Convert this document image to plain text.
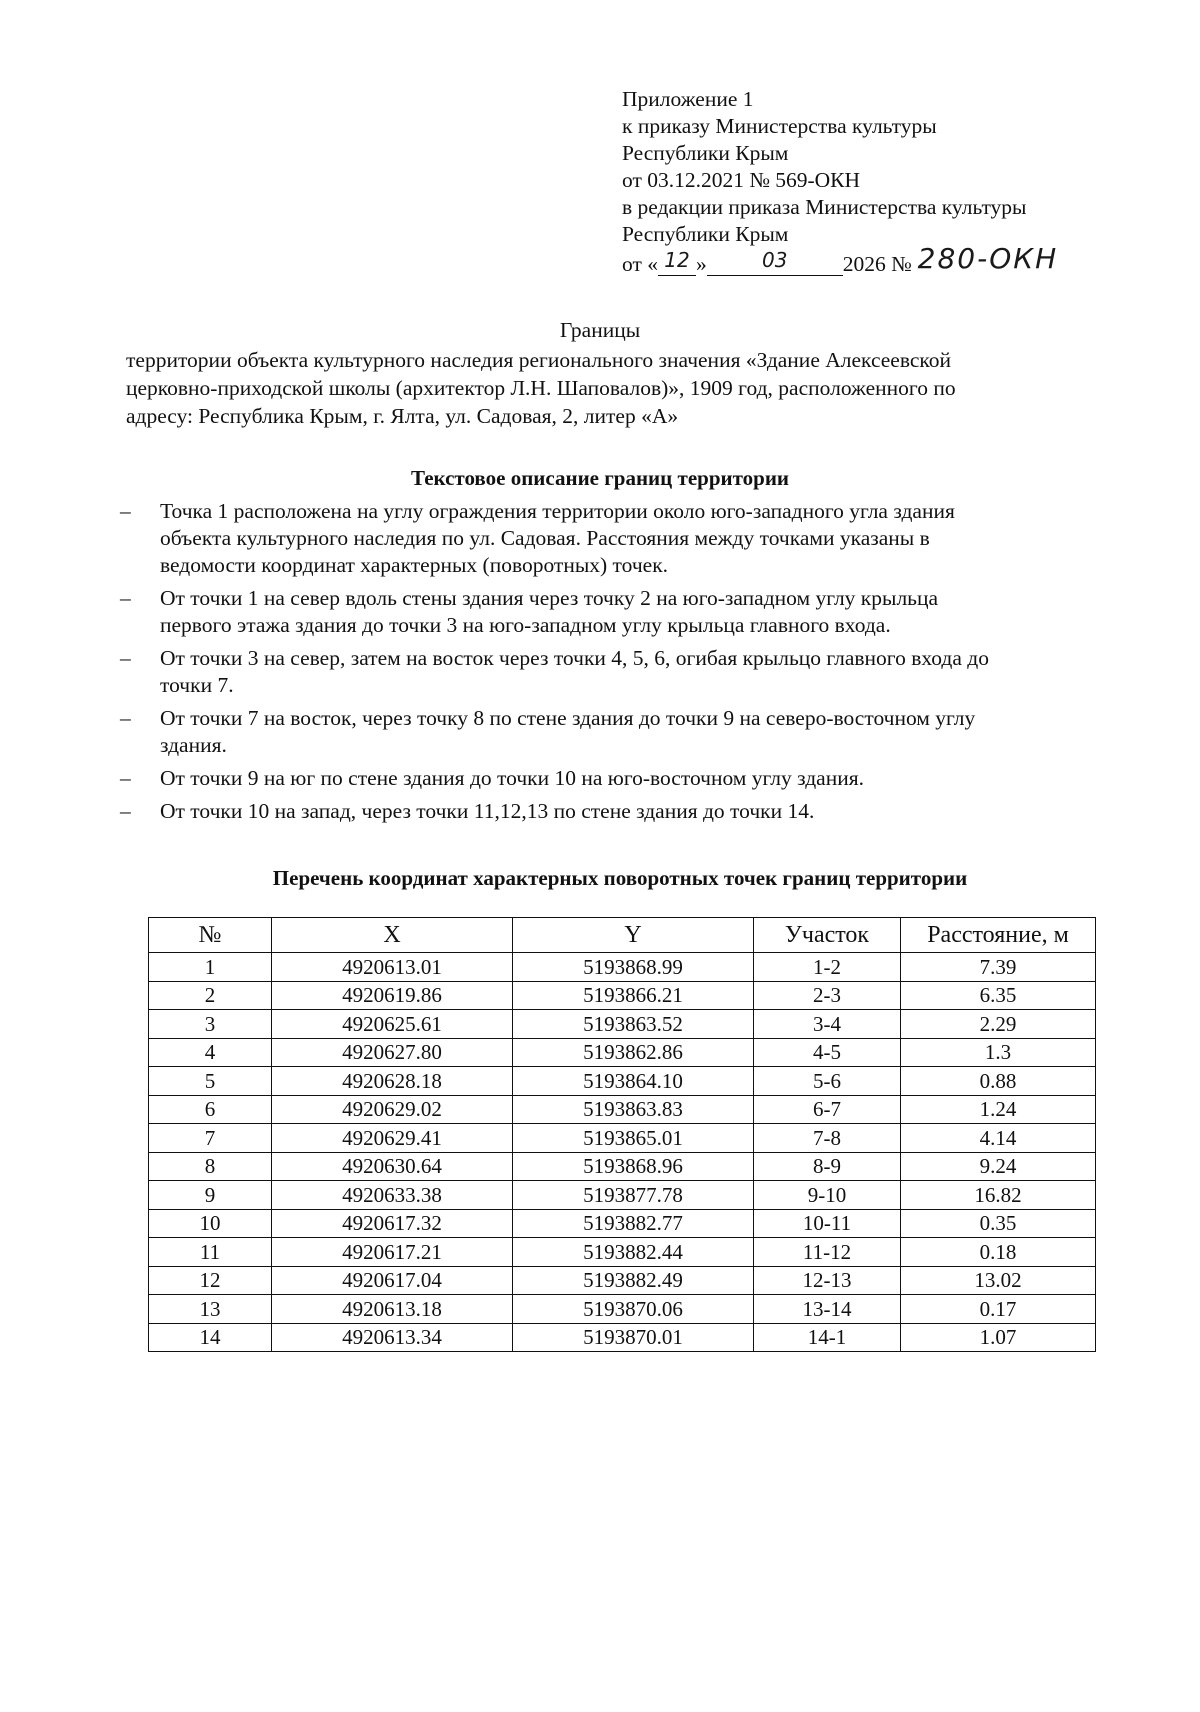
Приложение 1
к приказу Министерства культуры
Республики Крым
от 03.12.2021 № 569-ОКН
в редакции приказа Министерства культуры
Республики Крым
от « 12 »	03	2026 № 280-ОКН
Границы
территории объекта культурного наследия регионального значения «Здание Алексеевской
церковно-приходской школы (архитектор Л.Н. Шаповалов)», 1909 год, расположенного по
адресу: Республика Крым, г. Ялта, ул. Садовая, 2, литер «А»
Текстовое описание границ территории
– Точка 1 расположена на углу ограждения территории около юго-западного угла здания
объекта культурного наследия по ул. Садовая. Расстояния между точками указаны в
ведомости координат характерных (поворотных) точек.
– От точки 1 на север вдоль стены здания через точку 2 на юго-западном углу крыльца
первого этажа здания до точки 3 на юго-западном углу крыльца главного входа.
– От точки 3 на север, затем на восток через точки 4, 5, 6, огибая крыльцо главного входа до
точки 7.
– От точки 7 на восток, через точку 8 по стене здания до точки 9 на северо-восточном углу
здания.
– От точки 9 на юг по стене здания до точки 10 на юго-восточном углу здания.
– От точки 10 на запад, через точки 11,12,13 по стене здания до точки 14.
Перечень координат характерных поворотных точек границ территории
№	X	Y	Участок	Расстояние, м
1	4920613.01	5193868.99	1-2	7.39
2	4920619.86	5193866.21	2-3	6.35
3	4920625.61	5193863.52	3-4	2.29
4	4920627.80	5193862.86	4-5	1.3
5	4920628.18	5193864.10	5-6	0.88
6	4920629.02	5193863.83	6-7	1.24
7	4920629.41	5193865.01	7-8	4.14
8	4920630.64	5193868.96	8-9	9.24
9	4920633.38	5193877.78	9-10	16.82
10	4920617.32	5193882.77	10-11	0.35
11	4920617.21	5193882.44	11-12	0.18
12	4920617.04	5193882.49	12-13	13.02
13	4920613.18	5193870.06	13-14	0.17
14	4920613.34	5193870.01	14-1	1.07
